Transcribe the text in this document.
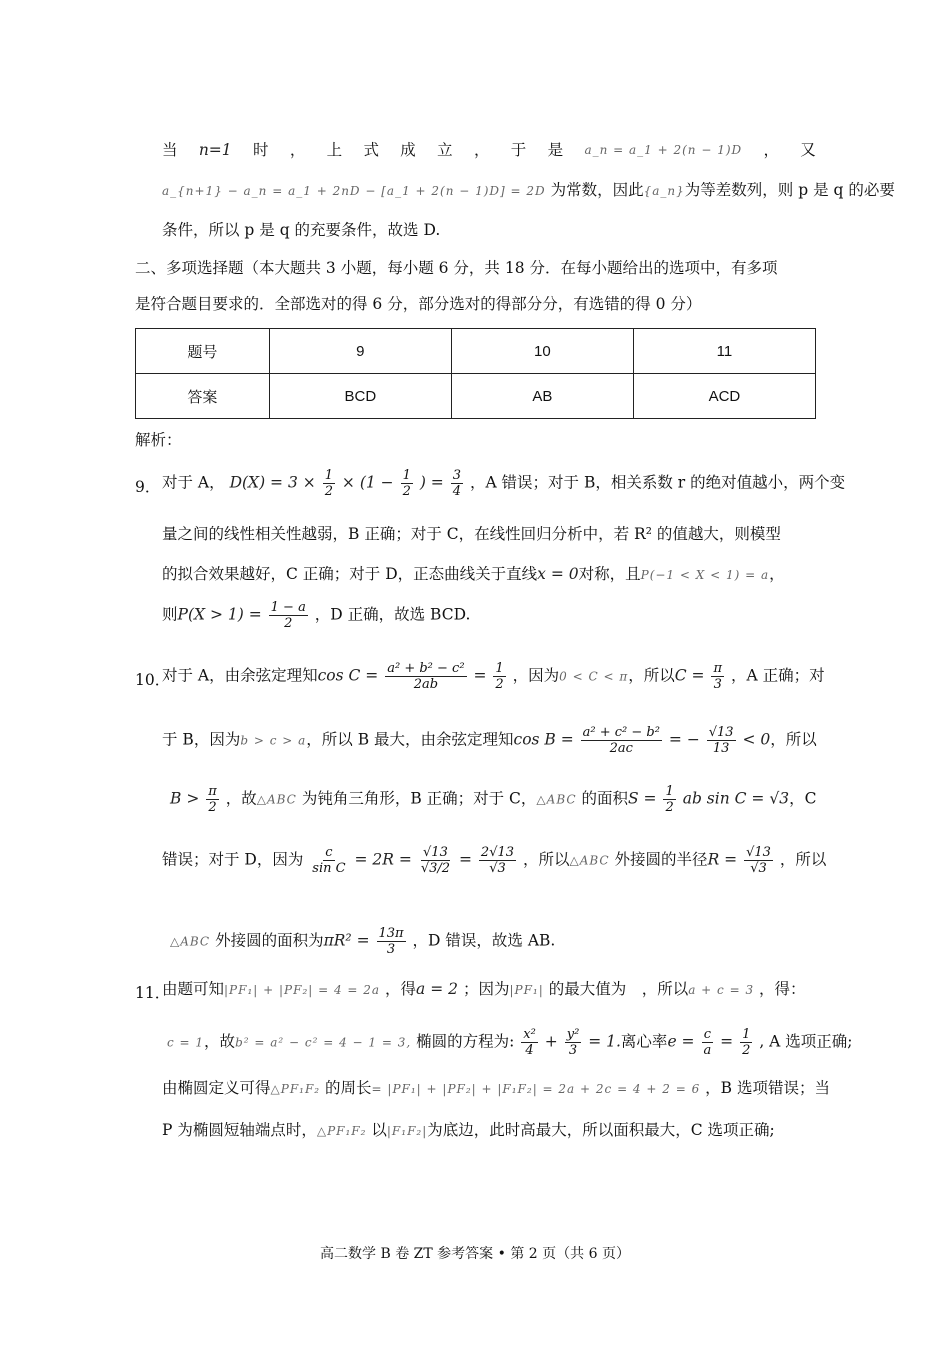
当 n=1 时 ， 上 式 成 立 ， 于 是 a_n = a_1 + 2(n − 1)D ， 又
a_{n+1} − a_n = a_1 + 2nD − [a_1 + 2(n − 1)D] = 2D 为常数，因此{a_n}为等差数列，则 p 是 q 的必要
条件，所以 p 是 q 的充要条件，故选 D.
二、多项选择题（本大题共 3 小题，每小题 6 分，共 18 分．在每小题给出的选项中，有多项
是符合题目要求的．全部选对的得 6 分，部分选对的得部分分，有选错的得 0 分）
题号	9	10	11
答案	BCD	AB	ACD
解析：
9． 对于 A， $D(X) = 3 \times \frac{1}{2} \times (1 - \frac{1}{2}$ ) = $\frac{3}{4}$ ，A 错误；对于 B，相关系数 r 的绝对值越小，两个变
量之间的线性相关性越弱，B 正确；对于 C，在线性回归分析中，若 R² 的值越大，则模型
的拟合效果越好，C 正确；对于 D，正态曲线关于直线x = 0对称，且P(−1 < X < 1) = a，
则$P(X > 1) = \frac{1 - a}{2}$ ，D 正确，故选 BCD.
10．
对于 A，由余弦定理知$\cos C = \frac{\text{a² + b² − c²}}{2ab} = \frac{1}{2}$ ，因为0 < C < π，所以$C = \frac{\pi}{3}$ ，A 正确；对
于 B，因为b > c > a，所以 B 最大，由余弦定理知$\cos B = \frac{\text{a² + c² − b²}}{2ac}$ = − $\frac{√13}{13} < 0$，所以
$B > \frac{\pi}{2}$ ，故△ABC 为钝角三角形，B 正确；对于 C，△ABC 的面积$S = \frac{1}{2}$ ab sin C = √3，C
错误；对于 D，因为 $\frac{c}{\text{sin C}} = 2R = \frac{√13}{√3/2} = \frac{2√13}{√3}$ ，所以△ABC 外接圆的半径$R = \frac{√13}{√3}$ ，所以
△ABC 外接圆的面积为$\pi R^2 = \frac{13\pi}{3}$ ，D 错误，故选 AB.
11．
由题可知|PF₁| + |PF₂| = 4 = 2a ，得a = 2 ；因为|PF₁| 的最大值为　，所以a + c = 3 ，得：
c = 1，故b² = a² − c² = 4 − 1 = 3, 椭圆的方程为: $\frac{\text{x²}}{4} + \frac{\text{y²}}{3} = 1$.离心率$e = \frac{c}{a} = \frac{1}{2}$ , A 选项正确;
由椭圆定义可得△PF₁F₂ 的周长= |PF₁| + |PF₂| + |F₁F₂| = 2a + 2c = 4 + 2 = 6 ，B 选项错误；当
P 为椭圆短轴端点时，△PF₁F₂ 以|F₁F₂|为底边，此时高最大，所以面积最大，C 选项正确;
高二数学 B 卷 ZT 参考答案 • 第 2 页（共 6 页）
